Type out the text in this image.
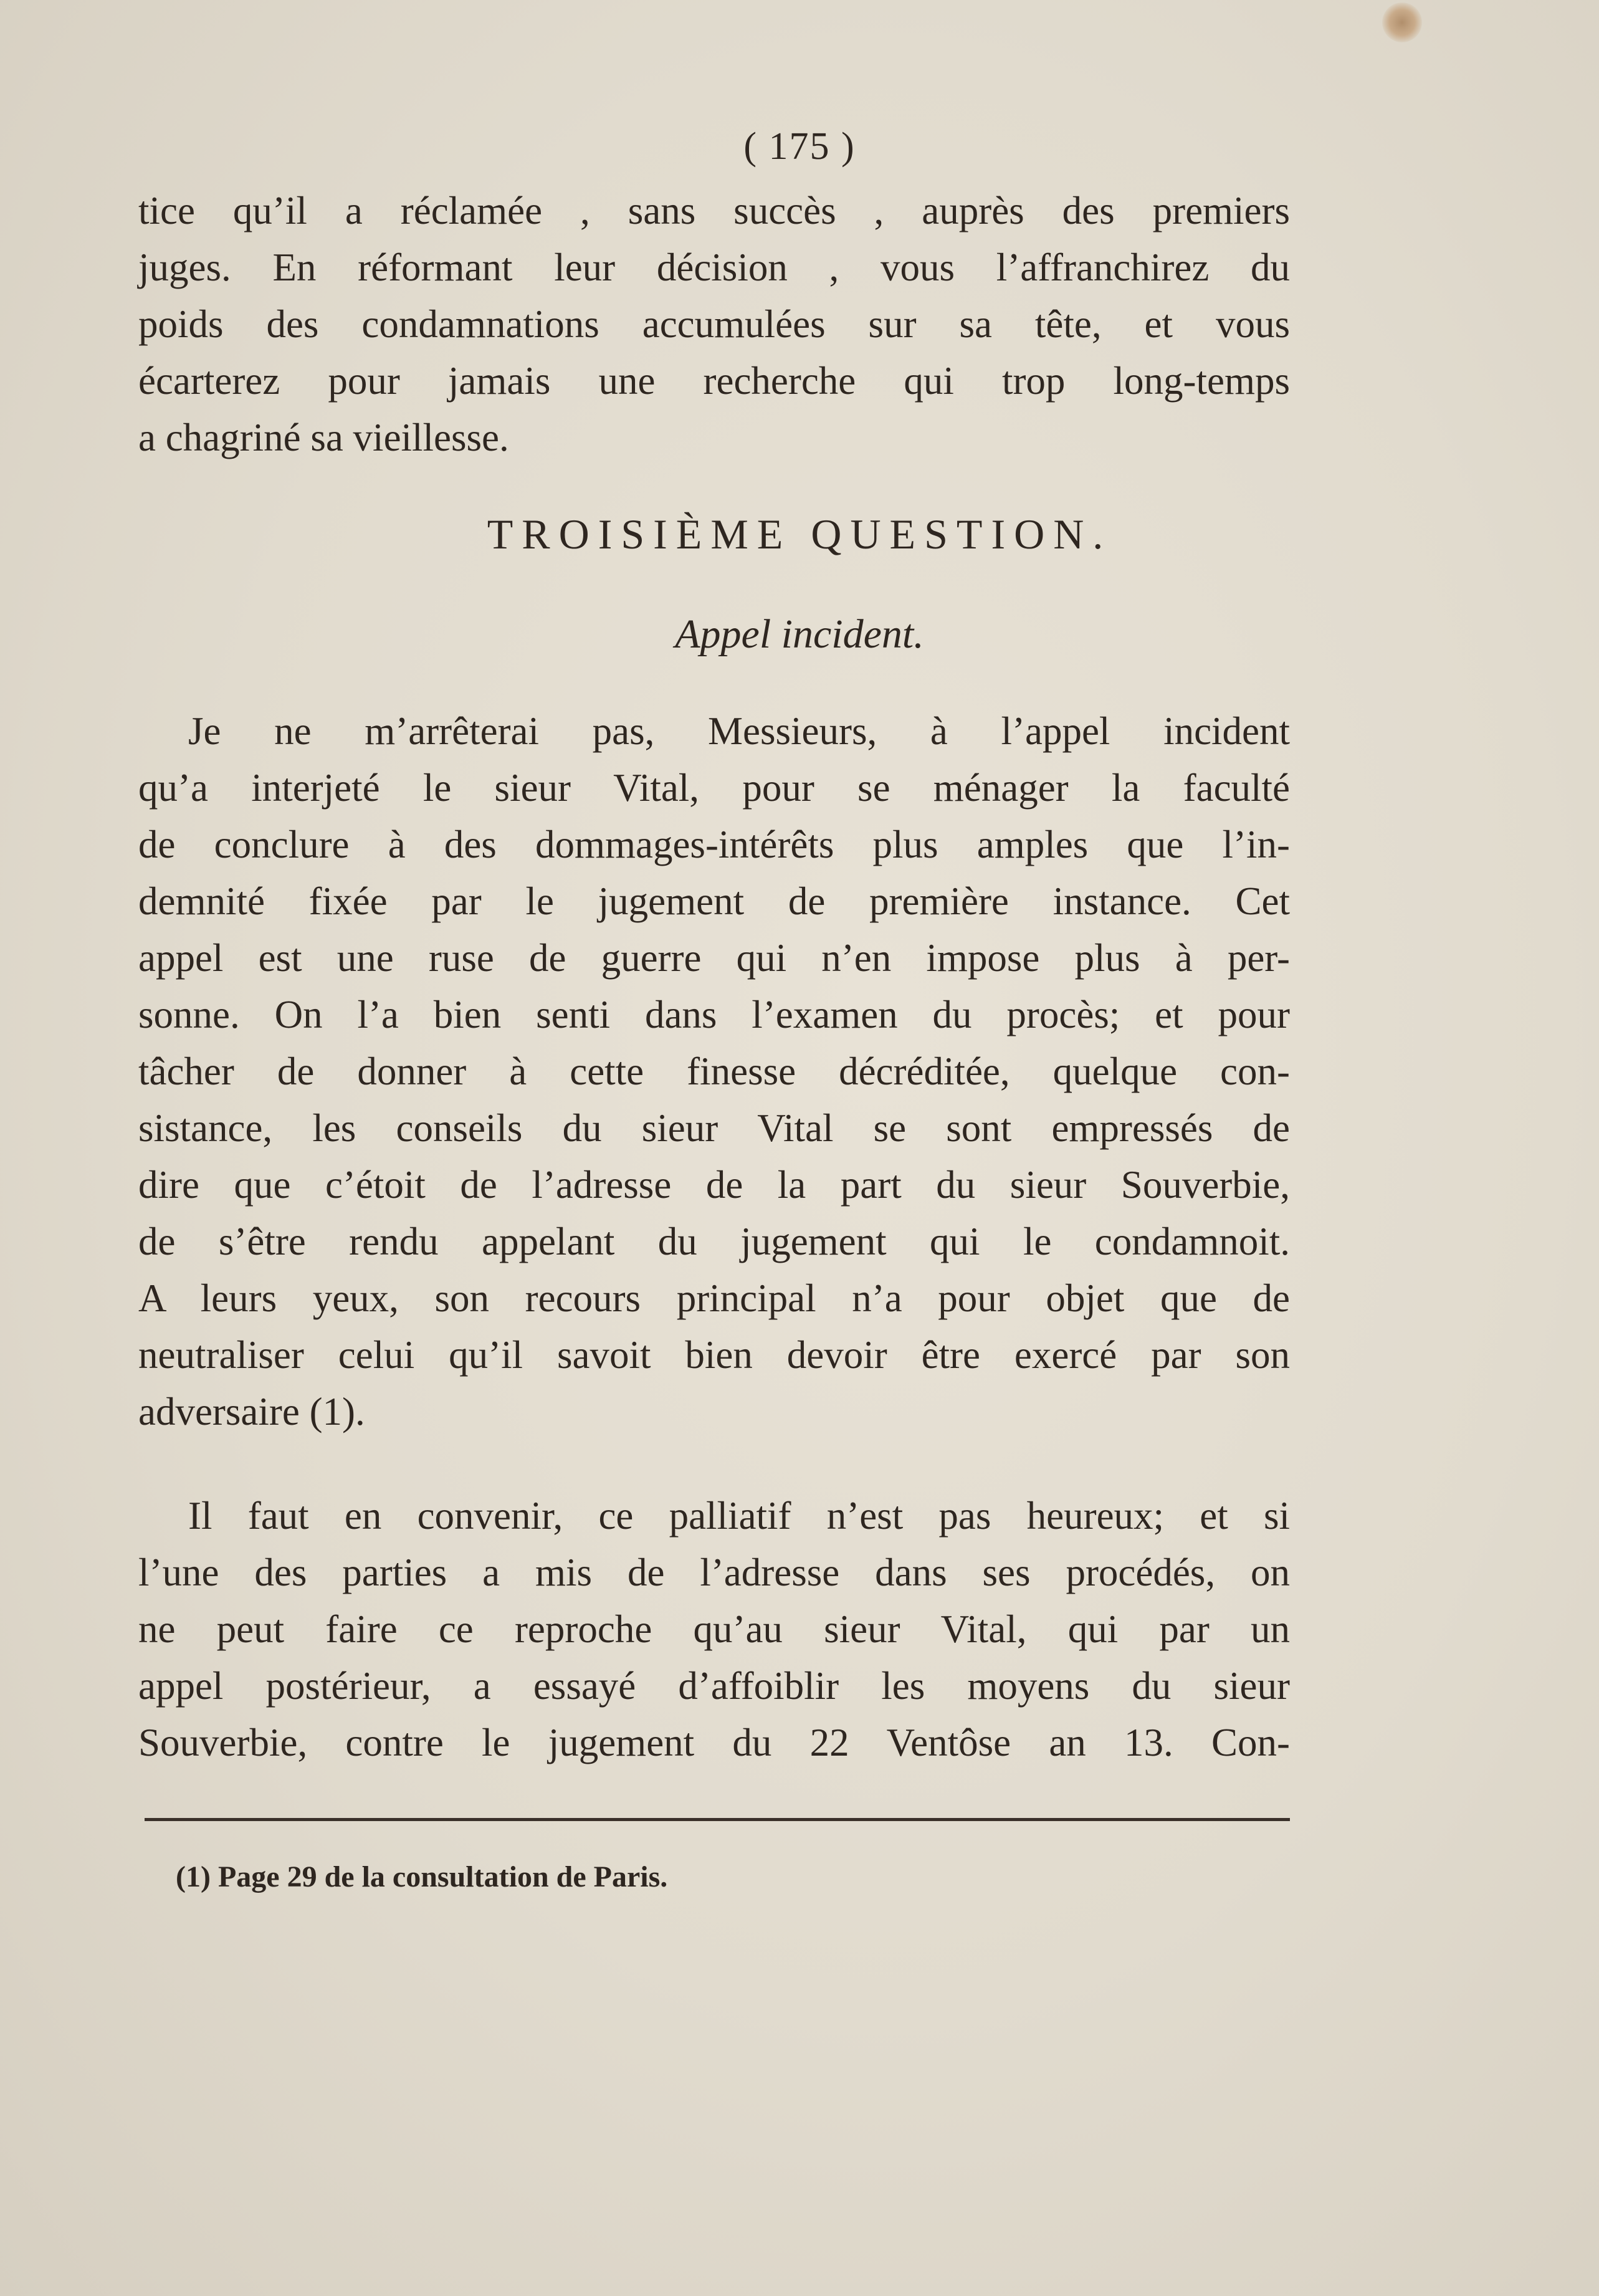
( 175 )
tice qu’il a réclamée , sans succès , auprès des premiers
juges. En réformant leur décision , vous l’affranchirez du
poids des condamnations accumulées sur sa tête, et vous
écarterez pour jamais une recherche qui trop long-temps
a chagriné sa vieillesse.
TROISIÈME QUESTION.
Appel incident.
Je ne m’arrêterai pas, Messieurs, à l’appel incident
qu’a interjeté le sieur Vital, pour se ménager la faculté
de conclure à des dommages-intérêts plus amples que l’in-
demnité fixée par le jugement de première instance. Cet
appel est une ruse de guerre qui n’en impose plus à per-
sonne. On l’a bien senti dans l’examen du procès; et pour
tâcher de donner à cette finesse décréditée, quelque con-
sistance, les conseils du sieur Vital se sont empressés de
dire que c’étoit de l’adresse de la part du sieur Souverbie,
de s’être rendu appelant du jugement qui le condamnoit.
A leurs yeux, son recours principal n’a pour objet que de
neutraliser celui qu’il savoit bien devoir être exercé par son
adversaire (1).
Il faut en convenir, ce palliatif n’est pas heureux; et si
l’une des parties a mis de l’adresse dans ses procédés, on
ne peut faire ce reproche qu’au sieur Vital, qui par un
appel postérieur, a essayé d’affoiblir les moyens du sieur
Souverbie, contre le jugement du 22 Ventôse an 13. Con-
(1) Page 29 de la consultation de Paris.
